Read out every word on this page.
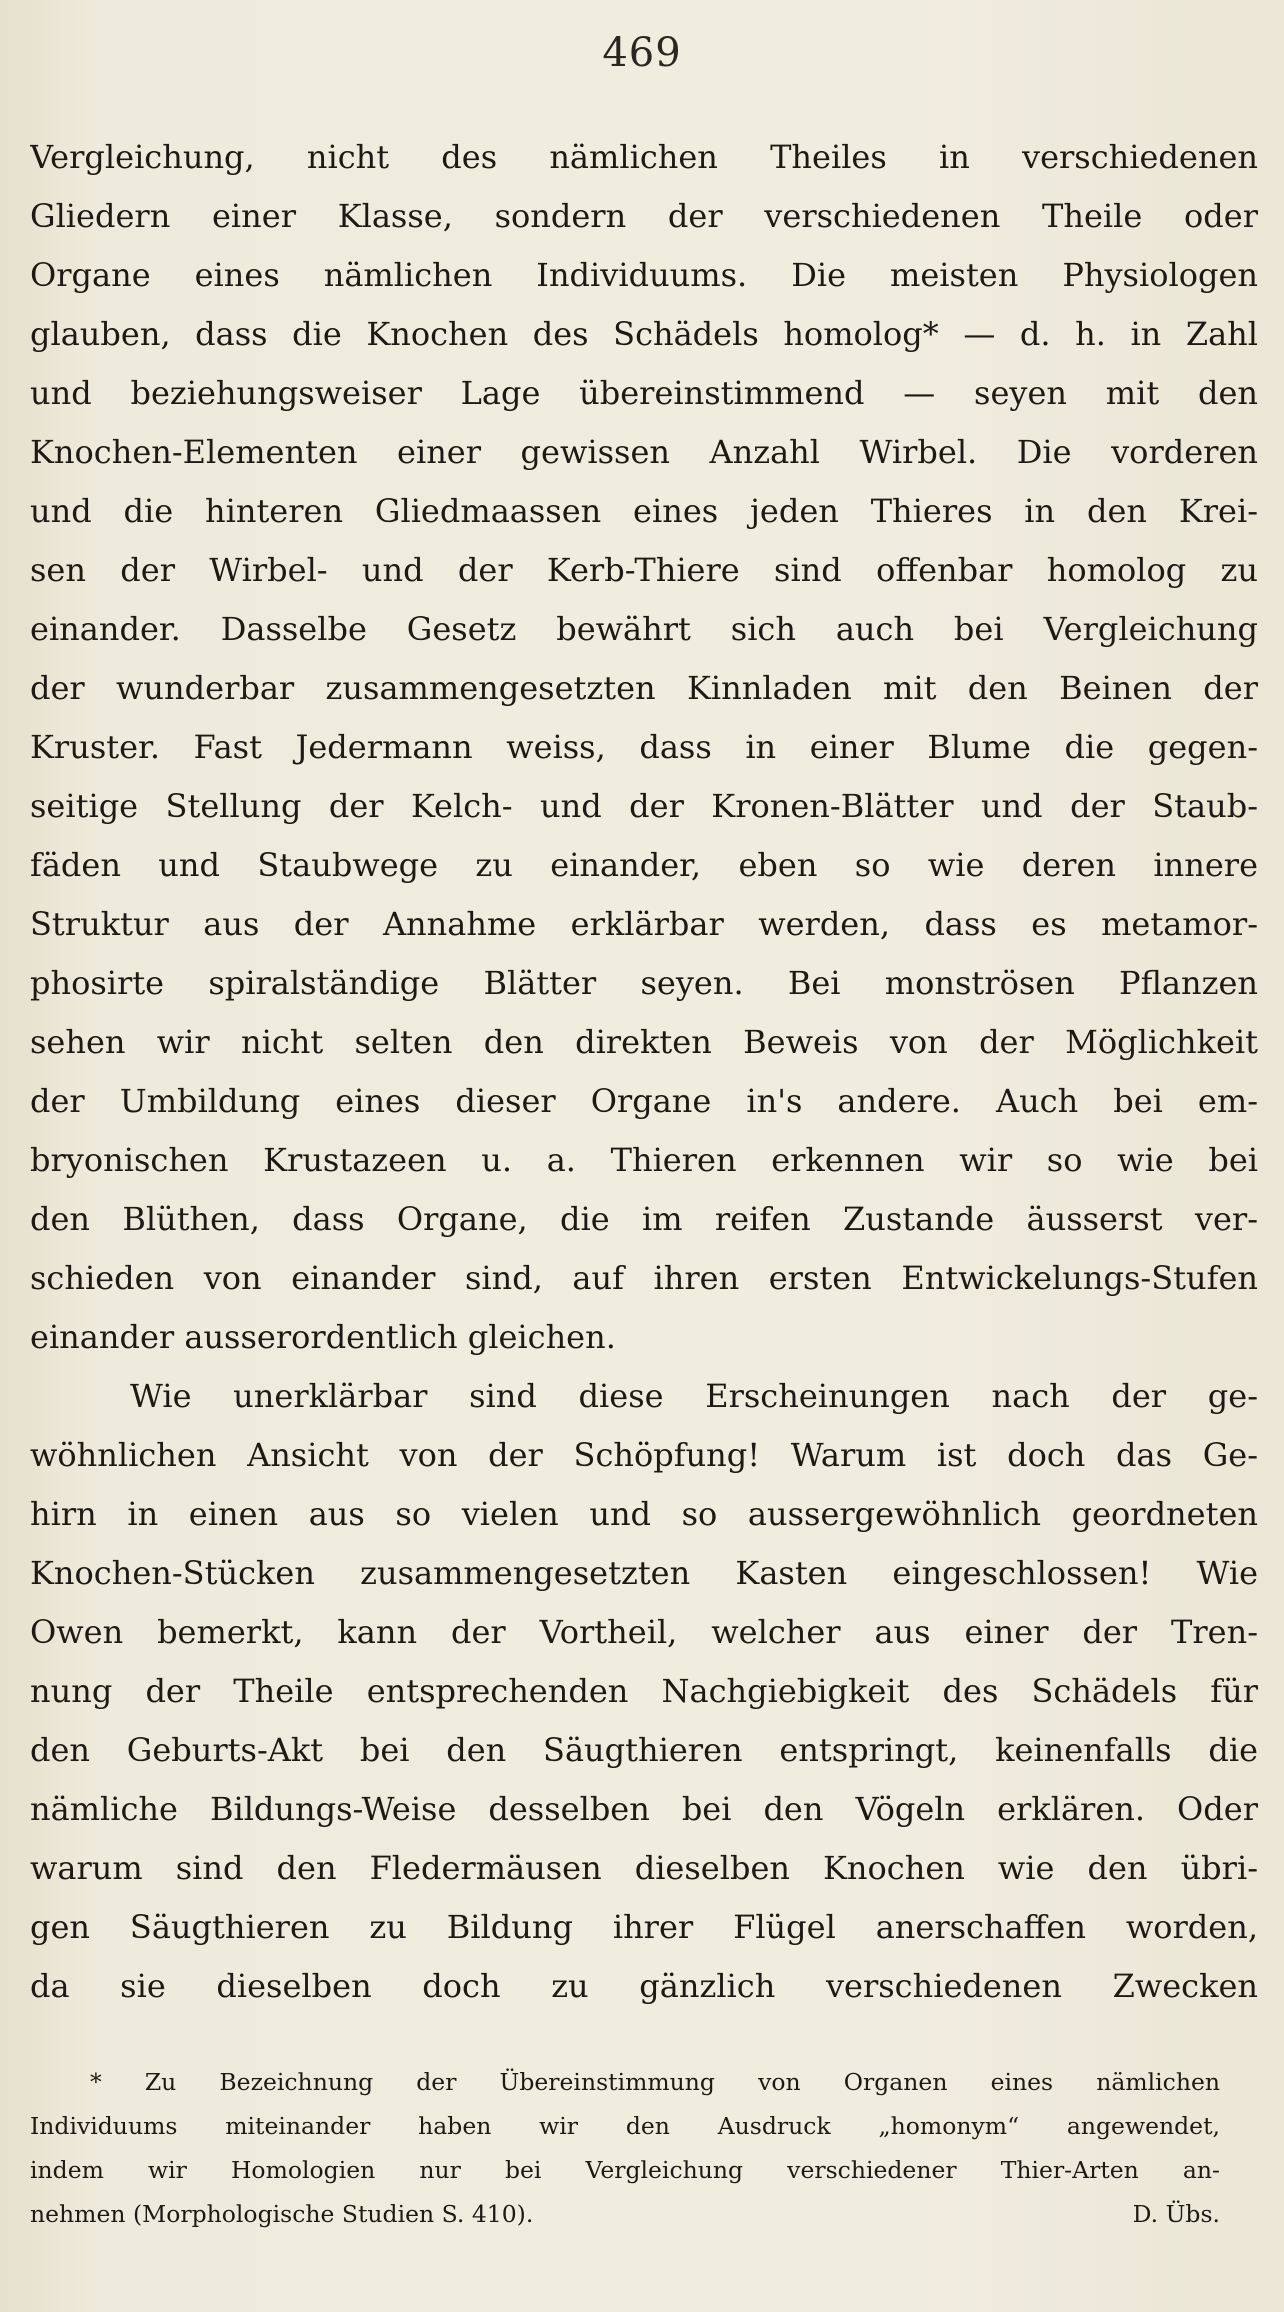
469
Vergleichung, nicht des nämlichen Theiles in verschiedenen
Gliedern einer Klasse, sondern der verschiedenen Theile oder
Organe eines nämlichen Individuums. Die meisten Physiologen
glauben, dass die Knochen des Schädels homolog* — d. h. in Zahl
und beziehungsweiser Lage übereinstimmend — seyen mit den
Knochen-Elementen einer gewissen Anzahl Wirbel. Die vorderen
und die hinteren Gliedmaassen eines jeden Thieres in den Krei-
sen der Wirbel- und der Kerb-Thiere sind offenbar homolog zu
einander. Dasselbe Gesetz bewährt sich auch bei Vergleichung
der wunderbar zusammengesetzten Kinnladen mit den Beinen der
Kruster. Fast Jedermann weiss, dass in einer Blume die gegen-
seitige Stellung der Kelch- und der Kronen-Blätter und der Staub-
fäden und Staubwege zu einander, eben so wie deren innere
Struktur aus der Annahme erklärbar werden, dass es metamor-
phosirte spiralständige Blätter seyen. Bei monströsen Pflanzen
sehen wir nicht selten den direkten Beweis von der Möglichkeit
der Umbildung eines dieser Organe in's andere. Auch bei em-
bryonischen Krustazeen u. a. Thieren erkennen wir so wie bei
den Blüthen, dass Organe, die im reifen Zustande äusserst ver-
schieden von einander sind, auf ihren ersten Entwickelungs-Stufen
einander ausserordentlich gleichen.
Wie unerklärbar sind diese Erscheinungen nach der ge-
wöhnlichen Ansicht von der Schöpfung! Warum ist doch das Ge-
hirn in einen aus so vielen und so aussergewöhnlich geordneten
Knochen-Stücken zusammengesetzten Kasten eingeschlossen! Wie
Owen bemerkt, kann der Vortheil, welcher aus einer der Tren-
nung der Theile entsprechenden Nachgiebigkeit des Schädels für
den Geburts-Akt bei den Säugthieren entspringt, keinenfalls die
nämliche Bildungs-Weise desselben bei den Vögeln erklären. Oder
warum sind den Fledermäusen dieselben Knochen wie den übri-
gen Säugthieren zu Bildung ihrer Flügel anerschaffen worden,
da sie dieselben doch zu gänzlich verschiedenen Zwecken
* Zu Bezeichnung der Übereinstimmung von Organen eines nämlichen
Individuums miteinander haben wir den Ausdruck „homonym“ angewendet,
indem wir Homologien nur bei Vergleichung verschiedener Thier-Arten an-
nehmen (Morphologische Studien S. 410).	D. Übs.
